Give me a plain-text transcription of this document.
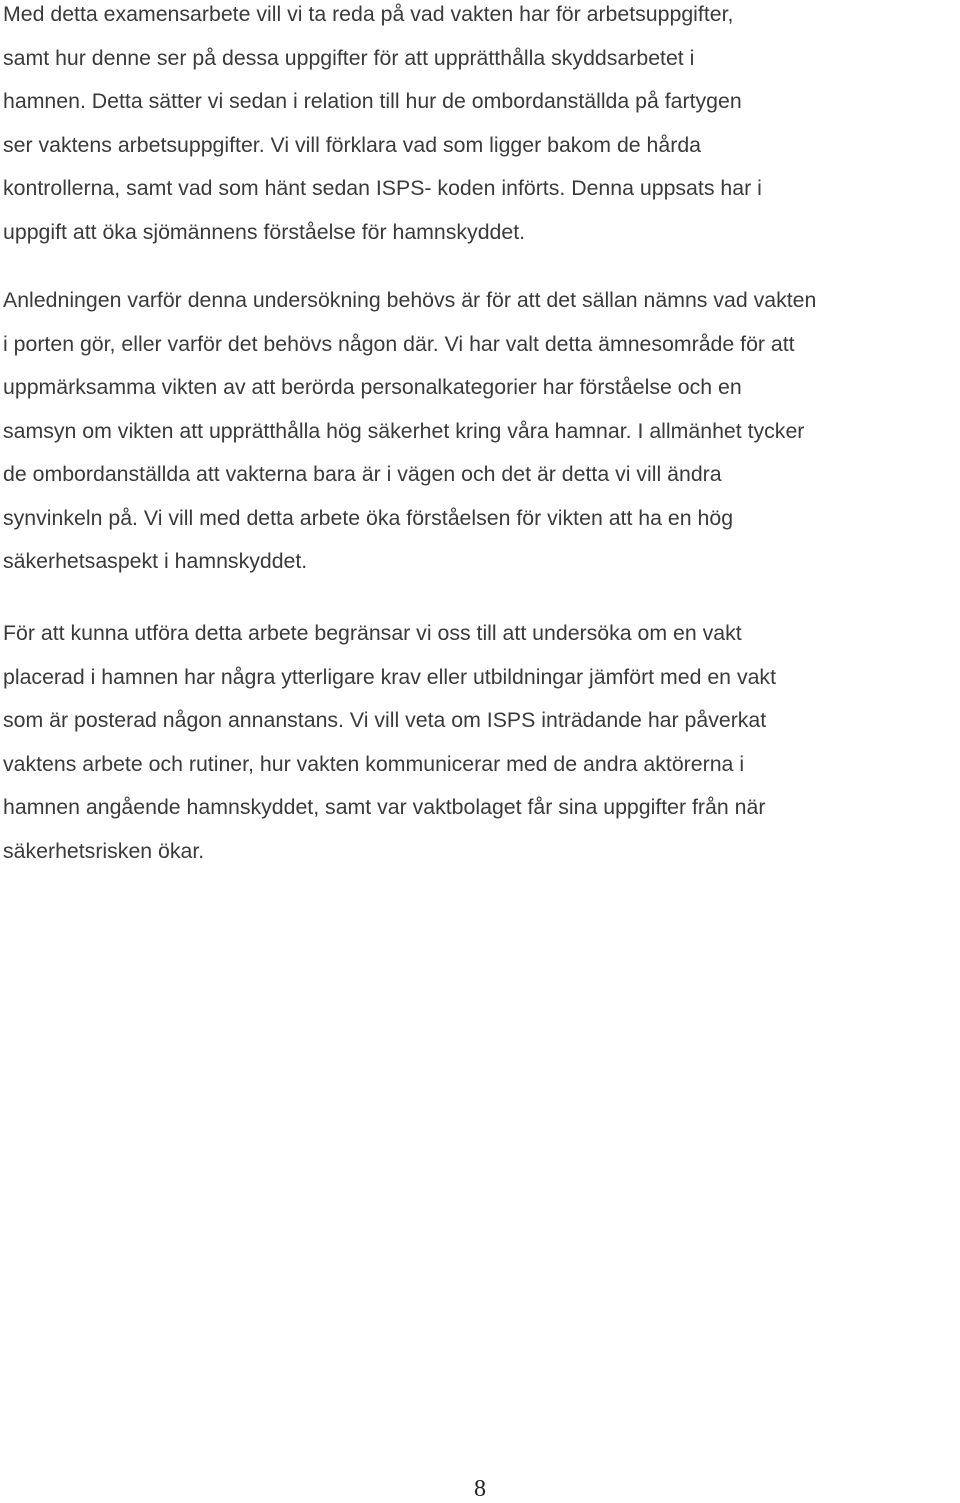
Med detta examensarbete vill vi ta reda på vad vakten har för arbetsuppgifter,
samt hur denne ser på dessa uppgifter för att upprätthålla skyddsarbetet i
hamnen. Detta sätter vi sedan i relation till hur de ombordanställda på fartygen
ser vaktens arbetsuppgifter. Vi vill förklara vad som ligger bakom de hårda
kontrollerna, samt vad som hänt sedan ISPS- koden införts. Denna uppsats har i
uppgift att öka sjömännens förståelse för hamnskyddet.
Anledningen varför denna undersökning behövs är för att det sällan nämns vad vakten
i porten gör, eller varför det behövs någon där. Vi har valt detta ämnesområde för att
uppmärksamma vikten av att berörda personalkategorier har förståelse och en
samsyn om vikten att upprätthålla hög säkerhet kring våra hamnar. I allmänhet tycker
de ombordanställda att vakterna bara är i vägen och det är detta vi vill ändra
synvinkeln på. Vi vill med detta arbete öka förståelsen för vikten att ha en hög
säkerhetsaspekt i hamnskyddet.
För att kunna utföra detta arbete begränsar vi oss till att undersöka om en vakt
placerad i hamnen har några ytterligare krav eller utbildningar jämfört med en vakt
som är posterad någon annanstans. Vi vill veta om ISPS inträdande har påverkat
vaktens arbete och rutiner, hur vakten kommunicerar med de andra aktörerna i
hamnen angående hamnskyddet, samt var vaktbolaget får sina uppgifter från när
säkerhetsrisken ökar.
8
